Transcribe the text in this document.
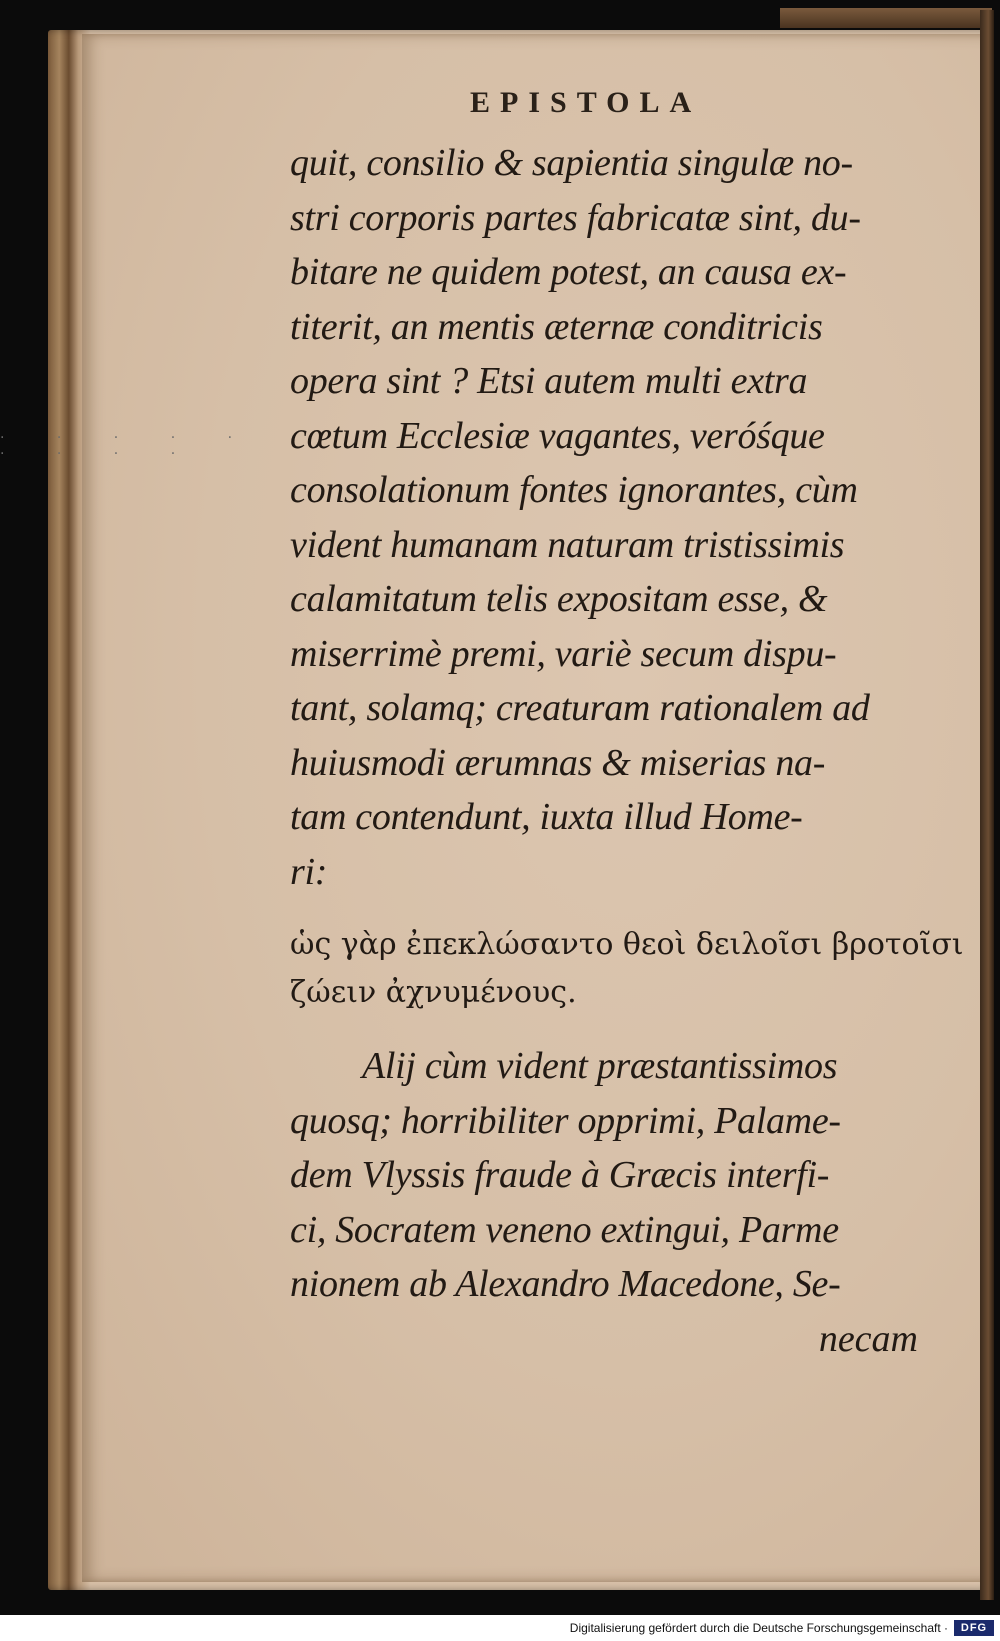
· · · · · · · · ·
EPISTOLA
quit, consilio & sapientia singulæ no-
stri corporis partes fabricatæ sint, du-
bitare ne quidem potest, an causa ex-
titerit, an mentis æternæ conditricis
opera sint ? Etsi autem multi extra
cœtum Ecclesiæ vagantes, veróśque
consolationum fontes ignorantes, cùm
vident humanam naturam tristissimis
calamitatum telis expositam esse, &
miserrimè premi, variè secum dispu-
tant, solamq; creaturam rationalem ad
huiusmodi ærumnas & miserias na-
tam contendunt, iuxta illud Home-
ri:
ὡς γὰρ ἐπεκλώσαντο θεοὶ δειλοῖσι βροτοῖσι
ζώειν ἀχνυμένους.
Alij cùm vident præstantissimos
quosq; horribiliter opprimi, Palame-
dem Vlyssis fraude à Græcis interfi-
ci, Socratem veneno extingui, Parme
nionem ab Alexandro Macedone, Se-
necam
Digitalisierung gefördert durch die Deutsche Forschungsgemeinschaft ·	DFG
